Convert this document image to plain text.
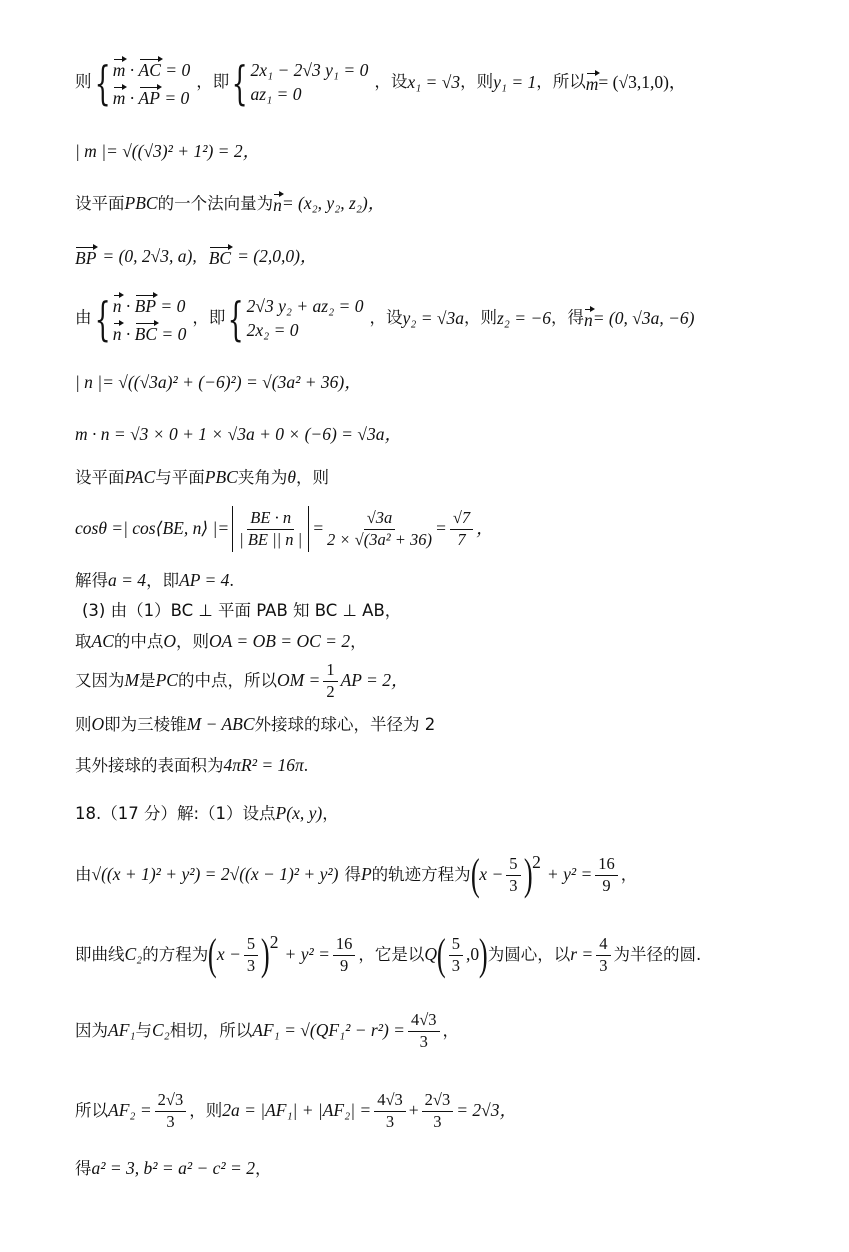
则 { m · AC = 0
m · AP = 0
，即 { 2x₁ − 2√3 y₁ = 0
az₁ = 0
，设 x₁ = √3 ，则 y₁ = 1 ，所以 m = (√3,1,0)，
| m |= √((√3)² + 1²) = 2，
设平面 PBC 的一个法向量为 n = (x₂, y₂, z₂)，
BP = (0, 2√3, a), BC = (2,0,0)，
由 { n · BP = 0
n · BC = 0
，即 { 2√3 y₂ + az₂ = 0
2x₂ = 0
，设 y₂ = √3a ，则 z₂ = −6 ，得 n = (0, √3a, −6)
| n |= √((√3a)² + (−6)²) = √(3a² + 36)，
m · n = √3 × 0 + 1 × √3a + 0 × (−6) = √3a，
设平面 PAC 与平面 PBC 夹角为 θ ，则
cosθ =| cos⟨BE, n⟩ |= $\frac{BE \cdot n}{| BE || n |} = \frac{√3a}{\text{2 × √(3a² + 36)}} = \frac{√7}{7}$ ，
解得 a = 4 ，即 AP = 4 .
(3) 由（1）BC ⊥ 平面 PAB 知 BC ⊥ AB，
取 AC 的中点 O ，则 OA = OB = OC = 2 ，
又因为 M 是 PC 的中点，所以 OM = $\frac{1}{2}$ AP = 2，
则 O 即为三棱锥 M − ABC 外接球的球心，半径为 2
其外接球的表面积为 4πR² = 16π .
18.（17 分）解:（1）设点 P(x, y) ，
由 √((x + 1)² + y²) = 2√((x − 1)² + y²) 得 P 的轨迹方程为 ( $x - \frac{5}{3}$ ) 2
+ $y^2 = \frac{16}{9}$ ，
即曲线 C₂ 的方程为 ( $x - \frac{5}{3}$ ) 2
+ $y^2 = \frac{16}{9}$ ，它是以 Q ( $\frac{5}{3} ,0$ ) 为圆心，以 $r = \frac{4}{3}$ 为半径的圆.
因为 AF₁ 与 C₂ 相切，所以 $AF_1 = √(QF_1^2 - r^2) = \frac{4√3}{3}$ ，
所以 $AF_2 = \frac{2√3}{3}$ ，则 $2a = |AF_1| + |AF_2| = \frac{4√3}{3} + \frac{2√3}{3} = 2√3$，
得 a² = 3, b² = a² − c² = 2 ，
